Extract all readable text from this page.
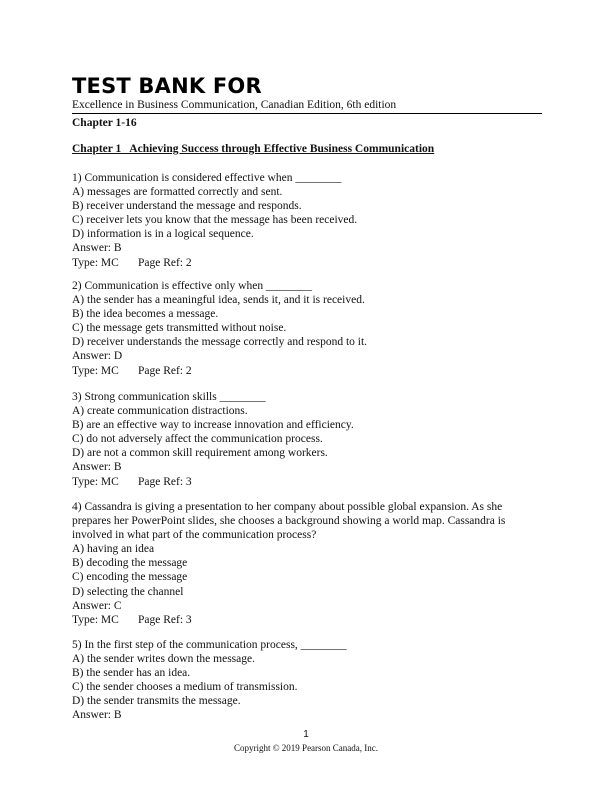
TEST BANK FOR
Excellence in Business Communication, Canadian Edition, 6th edition
Chapter 1-16
Chapter 1   Achieving Success through Effective Business Communication
1) Communication is considered effective when ________
A) messages are formatted correctly and sent.
B) receiver understand the message and responds.
C) receiver lets you know that the message has been received.
D) information is in a logical sequence.
Answer: B
Type: MC Page Ref: 2
2) Communication is effective only when ________
A) the sender has a meaningful idea, sends it, and it is received.
B) the idea becomes a message.
C) the message gets transmitted without noise.
D) receiver understands the message correctly and respond to it.
Answer: D
Type: MC Page Ref: 2
3) Strong communication skills ________
A) create communication distractions.
B) are an effective way to increase innovation and efficiency.
C) do not adversely affect the communication process.
D) are not a common skill requirement among workers.
Answer: B
Type: MC Page Ref: 3
4) Cassandra is giving a presentation to her company about possible global expansion. As she
prepares her PowerPoint slides, she chooses a background showing a world map. Cassandra is
involved in what part of the communication process?
A) having an idea
B) decoding the message
C) encoding the message
D) selecting the channel
Answer: C
Type: MC Page Ref: 3
5) In the first step of the communication process, ________
A) the sender writes down the message.
B) the sender has an idea.
C) the sender chooses a medium of transmission.
D) the sender transmits the message.
Answer: B
1
Copyright © 2019 Pearson Canada, Inc.
